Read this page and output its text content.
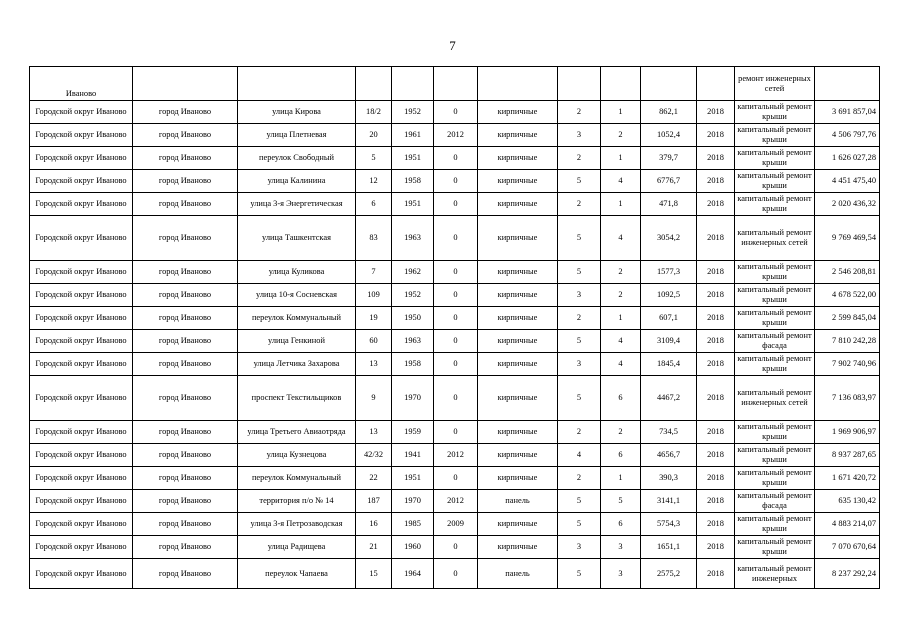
7
Иваново											ремонт инженерных сетей	
Городской округ Иваново	город Иваново	улица Кирова	18/2	1952	0	кирпичные	2	1	862,1	2018	капитальный ремонт крыши	3 691 857,04
Городской округ Иваново	город Иваново	улица Плетневая	20	1961	2012	кирпичные	3	2	1052,4	2018	капитальный ремонт крыши	4 506 797,76
Городской округ Иваново	город Иваново	переулок Свободный	5	1951	0	кирпичные	2	1	379,7	2018	капитальный ремонт крыши	1 626 027,28
Городской округ Иваново	город Иваново	улица Калинина	12	1958	0	кирпичные	5	4	6776,7	2018	капитальный ремонт крыши	4 451 475,40
Городской округ Иваново	город Иваново	улица 3-я Энергетическая	6	1951	0	кирпичные	2	1	471,8	2018	капитальный ремонт крыши	2 020 436,32
Городской округ Иваново	город Иваново	улица Ташкентская	83	1963	0	кирпичные	5	4	3054,2	2018	капитальный ремонт инженерных сетей	9 769 469,54
Городской округ Иваново	город Иваново	улица Куликова	7	1962	0	кирпичные	5	2	1577,3	2018	капитальный ремонт крыши	2 546 208,81
Городской округ Иваново	город Иваново	улица 10-я Сосневская	109	1952	0	кирпичные	3	2	1092,5	2018	капитальный ремонт крыши	4 678 522,00
Городской округ Иваново	город Иваново	переулок Коммунальный	19	1950	0	кирпичные	2	1	607,1	2018	капитальный ремонт крыши	2 599 845,04
Городской округ Иваново	город Иваново	улица Генкиной	60	1963	0	кирпичные	5	4	3109,4	2018	капитальный ремонт фасада	7 810 242,28
Городской округ Иваново	город Иваново	улица Летчика Захарова	13	1958	0	кирпичные	3	4	1845,4	2018	капитальный ремонт крыши	7 902 740,96
Городской округ Иваново	город Иваново	проспект Текстильщиков	9	1970	0	кирпичные	5	6	4467,2	2018	капитальный ремонт инженерных сетей	7 136 083,97
Городской округ Иваново	город Иваново	улица Третьего Авиаотряда	13	1959	0	кирпичные	2	2	734,5	2018	капитальный ремонт крыши	1 969 906,97
Городской округ Иваново	город Иваново	улица Кузнецова	42/32	1941	2012	кирпичные	4	6	4656,7	2018	капитальный ремонт крыши	8 937 287,65
Городской округ Иваново	город Иваново	переулок Коммунальный	22	1951	0	кирпичные	2	1	390,3	2018	капитальный ремонт крыши	1 671 420,72
Городской округ Иваново	город Иваново	территория п/о № 14	187	1970	2012	панель	5	5	3141,1	2018	капитальный ремонт фасада	635 130,42
Городской округ Иваново	город Иваново	улица 3-я Петрозаводская	16	1985	2009	кирпичные	5	6	5754,3	2018	капитальный ремонт крыши	4 883 214,07
Городской округ Иваново	город Иваново	улица Радищева	21	1960	0	кирпичные	3	3	1651,1	2018	капитальный ремонт крыши	7 070 670,64
Городской округ Иваново	город Иваново	переулок Чапаева	15	1964	0	панель	5	3	2575,2	2018	капитальный ремонт инженерных	8 237 292,24
